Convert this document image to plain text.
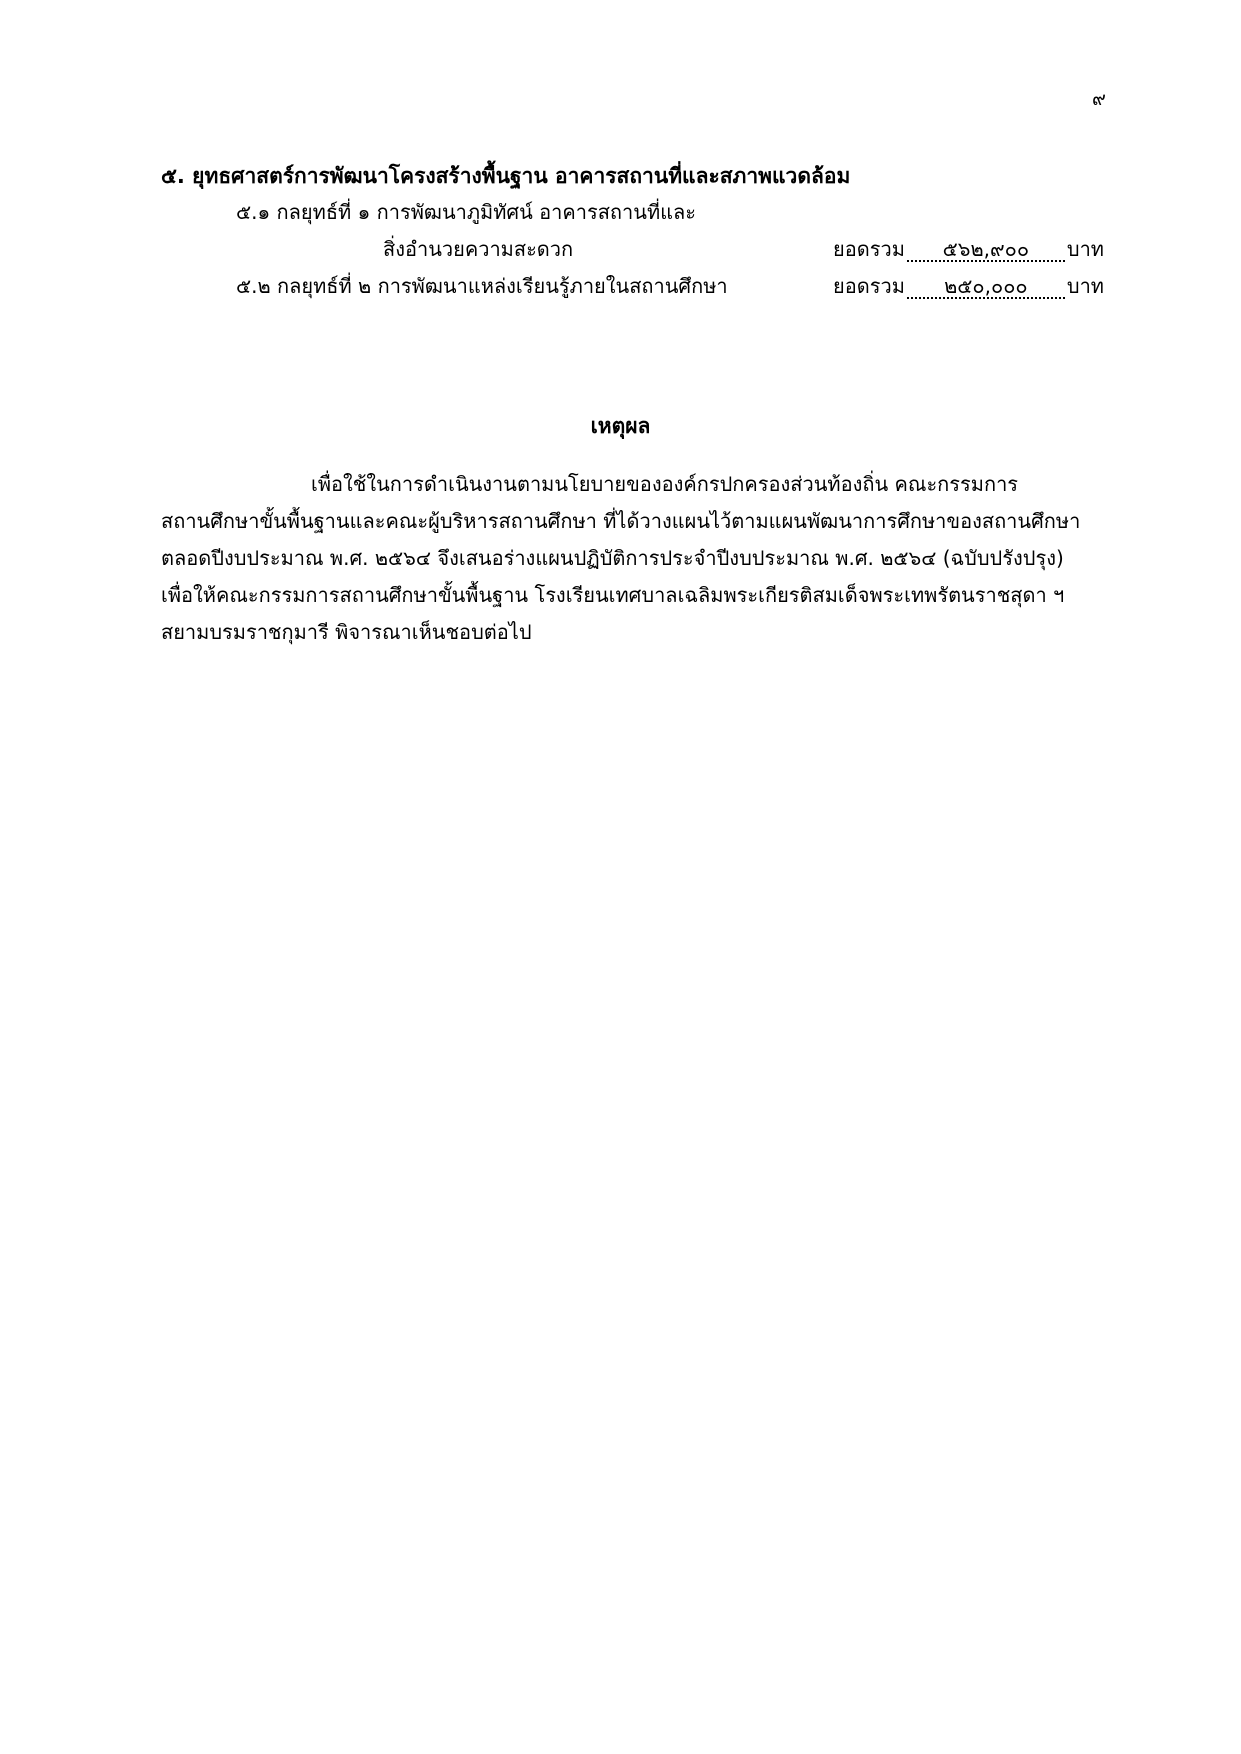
๙
๕. ยุทธศาสตร์การพัฒนาโครงสร้างพื้นฐาน อาคารสถานที่และสภาพแวดล้อม
๕.๑ กลยุทธ์ที่ ๑ การพัฒนาภูมิทัศน์ อาคารสถานที่และ
สิ่งอำนวยความสะดวก	ยอดรวม ๕๖๒,๙๐๐ บาท
๕.๒ กลยุทธ์ที่ ๒ การพัฒนาแหล่งเรียนรู้ภายในสถานศึกษา	ยอดรวม ๒๕๐,๐๐๐ บาท
เหตุผล
เพื่อใช้ในการดำเนินงานตามนโยบายขององค์กรปกครองส่วนท้องถิ่น คณะกรรมการ
สถานศึกษาขั้นพื้นฐานและคณะผู้บริหารสถานศึกษา ที่ได้วางแผนไว้ตามแผนพัฒนาการศึกษาของสถานศึกษา
ตลอดปีงบประมาณ พ.ศ. ๒๕๖๔ จึงเสนอร่างแผนปฏิบัติการประจำปีงบประมาณ พ.ศ. ๒๕๖๔ (ฉบับปรังปรุง)
เพื่อให้คณะกรรมการสถานศึกษาขั้นพื้นฐาน โรงเรียนเทศบาลเฉลิมพระเกียรติสมเด็จพระเทพรัตนราชสุดา ฯ
สยามบรมราชกุมารี พิจารณาเห็นชอบต่อไป
